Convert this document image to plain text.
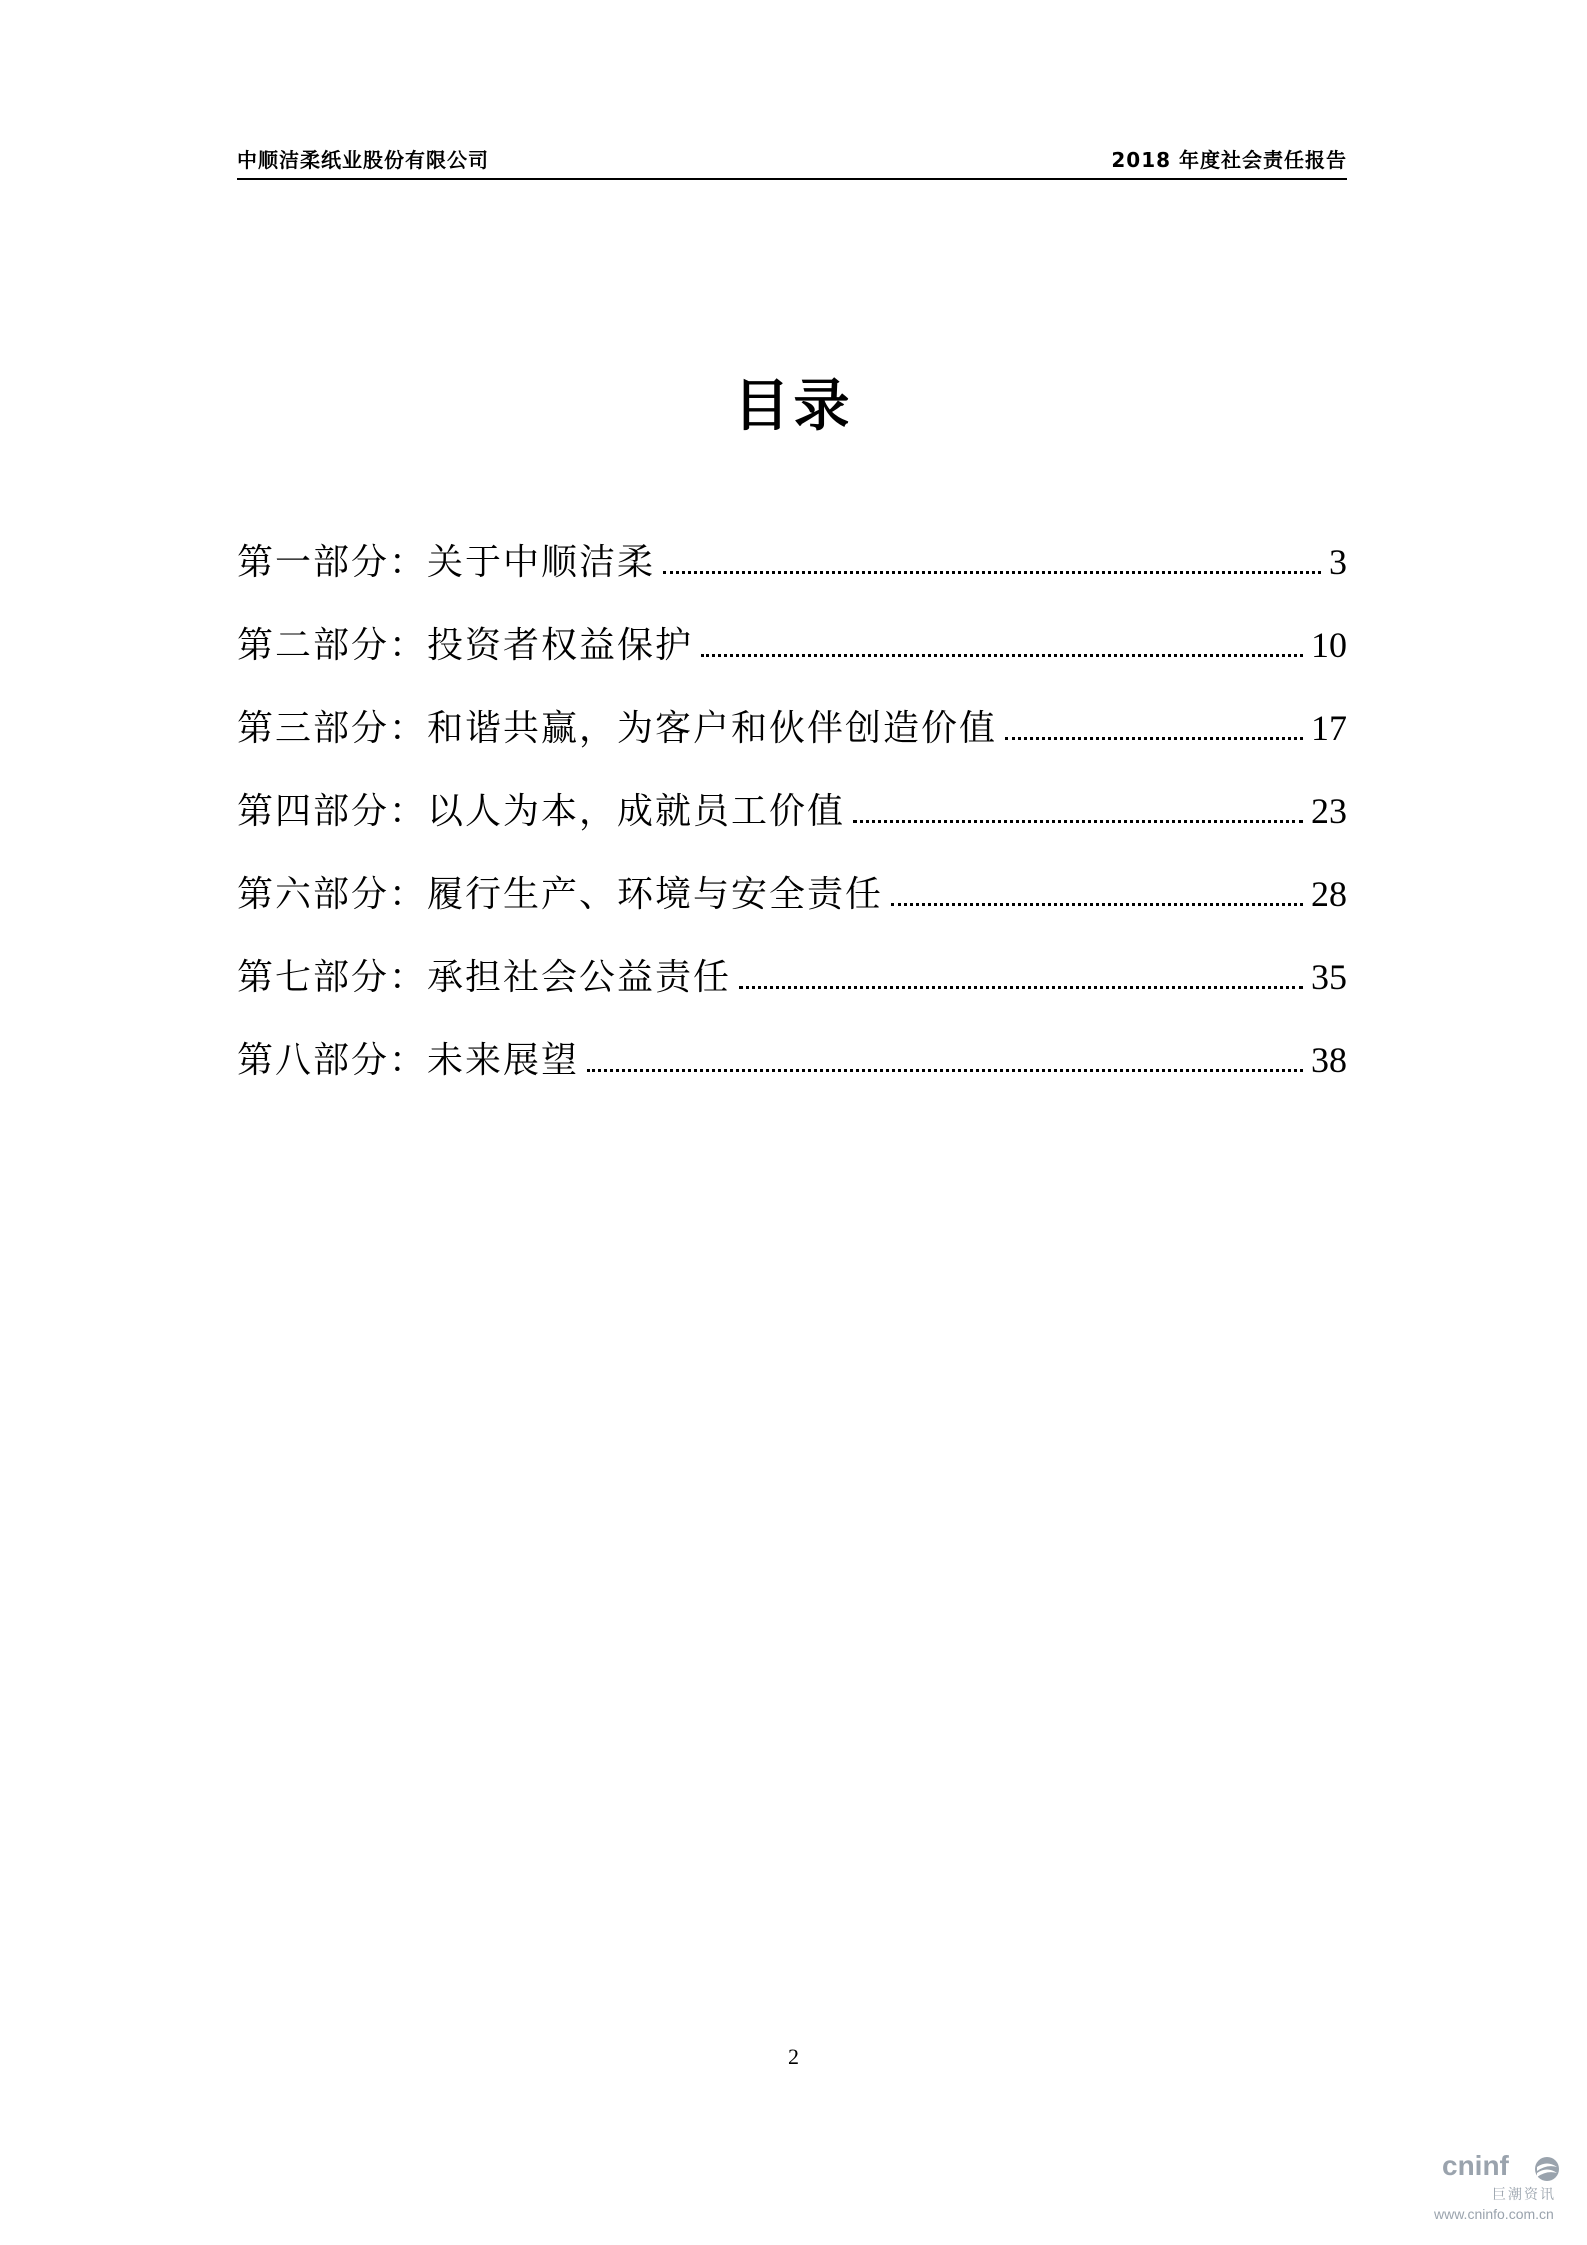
中顺洁柔纸业股份有限公司	2018 年度社会责任报告
目录
第一部分：关于中顺洁柔	3
第二部分：投资者权益保护	10
第三部分：和谐共赢，为客户和伙伴创造价值	17
第四部分：以人为本，成就员工价值	23
第六部分：履行生产、环境与安全责任	28
第七部分：承担社会公益责任	35
第八部分：未来展望	38
2
cninf
巨潮资讯
www.cninfo.com.cn
